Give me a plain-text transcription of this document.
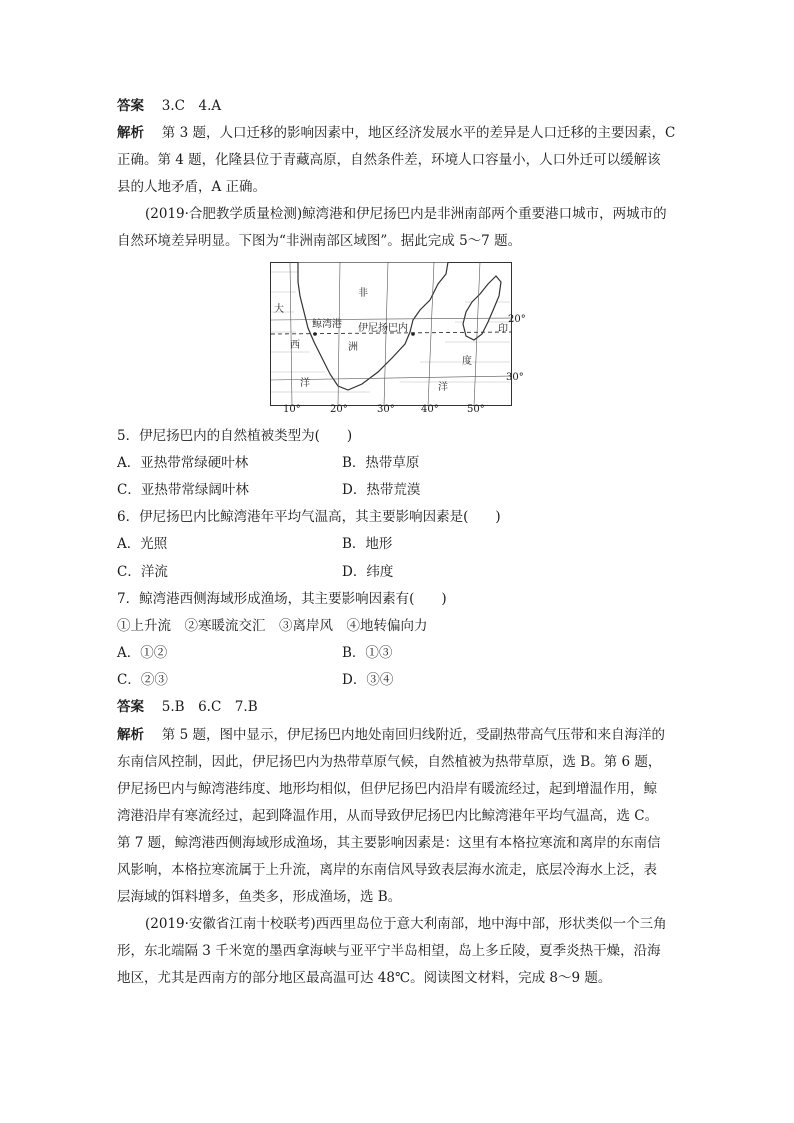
答案　 3.C　4.A
解析　 第 3 题，人口迁移的影响因素中，地区经济发展水平的差异是人口迁移的主要因素，C
正确。第 4 题，化隆县位于青藏高原，自然条件差，环境人口容量小，人口外迁可以缓解该
县的人地矛盾，A 正确。
(2019·合肥教学质量检测)鲸湾港和伊尼扬巴内是非洲南部两个重要港口城市，两城市的
自然环境差异明显。下图为“非洲南部区域图”。据此完成 5～7 题。
非
洲
大
西
洋
印
度
洋
鲸湾港 伊尼扬巴内
20°
30°
10°	20°	30°	40°	50°
5．伊尼扬巴内的自然植被类型为(　　)
A．亚热带常绿硬叶林	B．热带草原
C．亚热带常绿阔叶林	D．热带荒漠
6．伊尼扬巴内比鲸湾港年平均气温高，其主要影响因素是(　　)
A．光照	B．地形
C．洋流	D．纬度
7．鲸湾港西侧海域形成渔场，其主要影响因素有(　　)
①上升流　②寒暖流交汇　③离岸风　④地转偏向力
A．①②	B．①③
C．②③	D．③④
答案　 5.B　6.C　7.B
解析　 第 5 题，图中显示，伊尼扬巴内地处南回归线附近，受副热带高气压带和来自海洋的
东南信风控制，因此，伊尼扬巴内为热带草原气候，自然植被为热带草原，选 B。第 6 题，
伊尼扬巴内与鲸湾港纬度、地形均相似，但伊尼扬巴内沿岸有暖流经过，起到增温作用，鲸
湾港沿岸有寒流经过，起到降温作用，从而导致伊尼扬巴内比鲸湾港年平均气温高，选 C。
第 7 题，鲸湾港西侧海域形成渔场，其主要影响因素是：这里有本格拉寒流和离岸的东南信
风影响，本格拉寒流属于上升流，离岸的东南信风导致表层海水流走，底层冷海水上泛，表
层海域的饵料增多，鱼类多，形成渔场，选 B。
(2019·安徽省江南十校联考)西西里岛位于意大利南部，地中海中部，形状类似一个三角
形，东北端隔 3 千米宽的墨西拿海峡与亚平宁半岛相望，岛上多丘陵，夏季炎热干燥，沿海
地区，尤其是西南方的部分地区最高温可达 48℃。阅读图文材料，完成 8～9 题。
